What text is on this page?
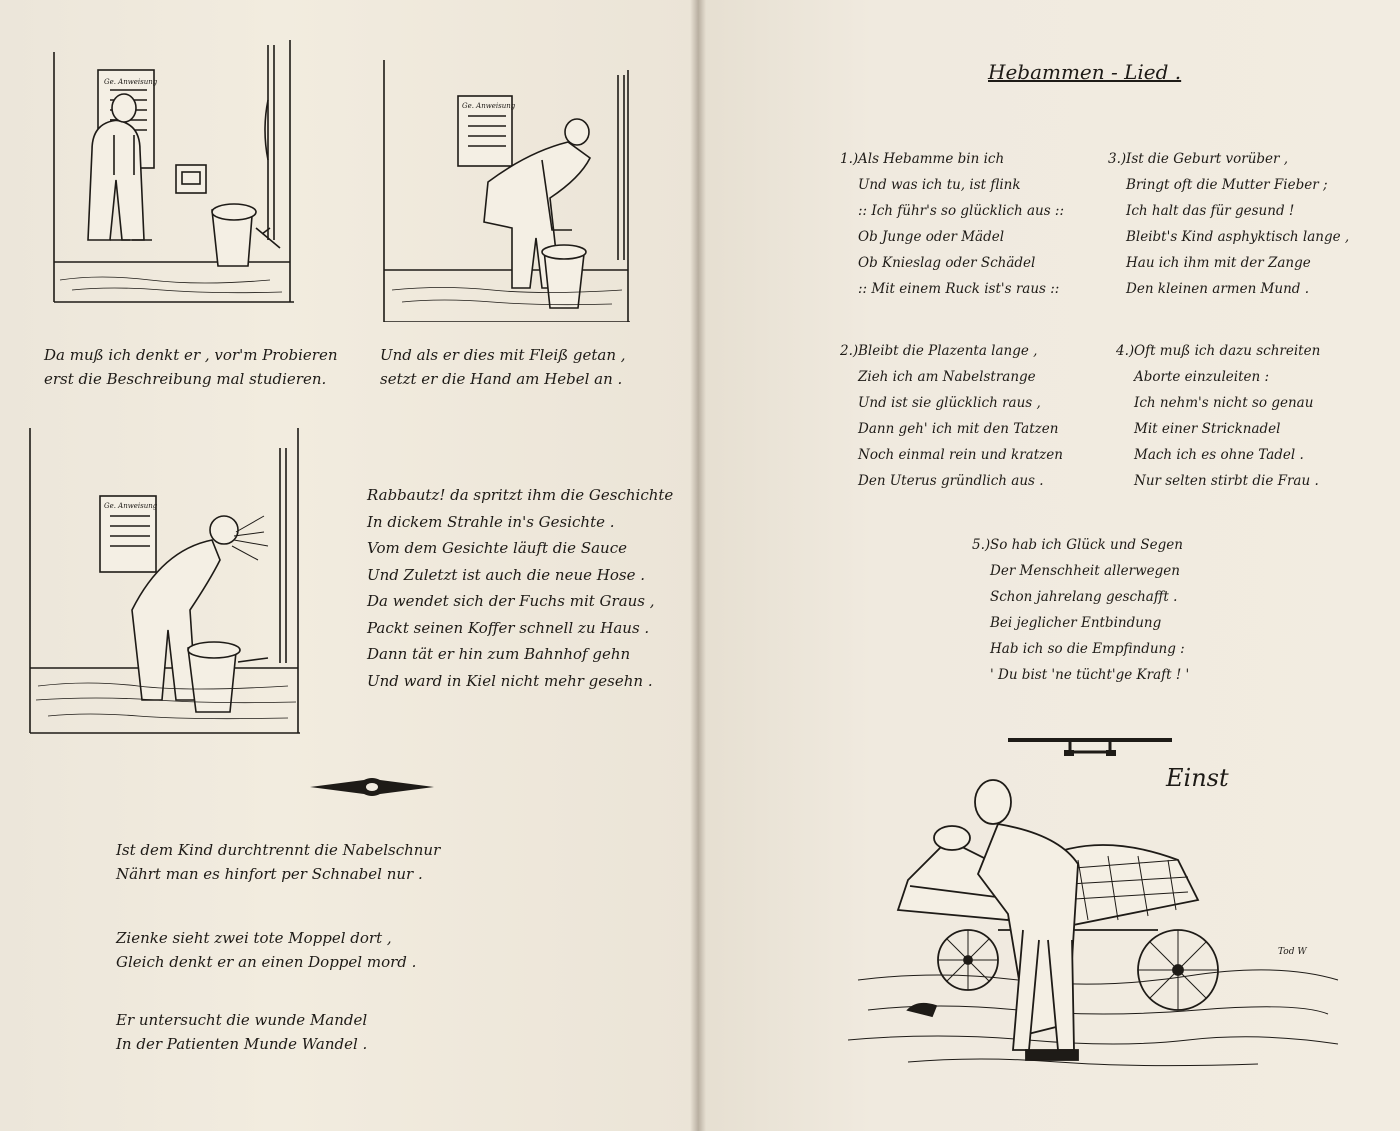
Ge. Anweisung
Ge. Anweisung
Da muß ich denkt er , vor'm Probieren
erst die Beschreibung mal studieren.
Und als er dies mit Fleiß getan ,
setzt er die Hand am Hebel an .
Ge. Anweisung
Rabbautz! da spritzt ihm die Geschichte
In dickem Strahle in's Gesichte .
Vom dem Gesichte läuft die Sauce
Und Zuletzt ist auch die neue Hose .
Da wendet sich der Fuchs mit Graus ,
Packt seinen Koffer schnell zu Haus .
Dann tät er hin zum Bahnhof gehn
Und ward in Kiel nicht mehr gesehn .
Ist dem Kind durchtrennt die Nabelschnur
Nährt man es hinfort per Schnabel nur .
Zienke sieht zwei tote Moppel dort ,
Gleich denkt er an einen Doppel mord .
Er untersucht die wunde Mandel
In der Patienten Munde Wandel .
Hebammen - Lied .
1.)Als Hebamme bin ich
Und was ich tu, ist flink
:: Ich führ's so glücklich aus ::
Ob Junge oder Mädel
Ob Knieslag oder Schädel
:: Mit einem Ruck ist's raus ::
3.)Ist die Geburt vorüber ,
Bringt oft die Mutter Fieber ;
Ich halt das für gesund !
Bleibt's Kind asphyktisch lange ,
Hau ich ihm mit der Zange
Den kleinen armen Mund .
2.)Bleibt die Plazenta lange ,
Zieh ich am Nabelstrange
Und ist sie glücklich raus ,
Dann geh' ich mit den Tatzen
Noch einmal rein und kratzen
Den Uterus gründlich aus .
4.)Oft muß ich dazu schreiten
Aborte einzuleiten :
Ich nehm's nicht so genau
Mit einer Stricknadel
Mach ich es ohne Tadel .
Nur selten stirbt die Frau .
5.)So hab ich Glück und Segen
Der Menschheit allerwegen
Schon jahrelang geschafft .
Bei jeglicher Entbindung
Hab ich so die Empfindung :
' Du bist 'ne tücht'ge Kraft ! '
Einst
Tod W
